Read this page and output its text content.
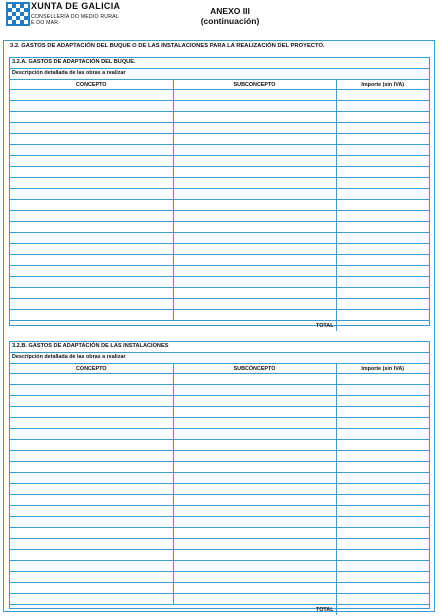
XUNTA DE GALICIA
CONSELLERÍA DO MEDIO RURAL
E DO MAR
ANEXO III
(continuación)
3.2. GASTOS DE ADAPTACIÓN DEL BUQUE O DE LAS INSTALACIONES PARA LA REALIZACIÓN DEL PROYECTO.
3.2.A. GASTOS DE ADAPTACIÓN DEL BUQUE.
Descripción detallada de las obras a realizar
CONCEPTO	SUBCONCEPTO	Importe (sin IVA)

TOTAL		
3.2.B. GASTOS DE ADAPTACIÓN DE LAS INSTALACIONES
Descripción detallada de las obras a realizar
CONCEPTO	SUBCONCEPTO	Importe (sin IVA)

TOTAL		
